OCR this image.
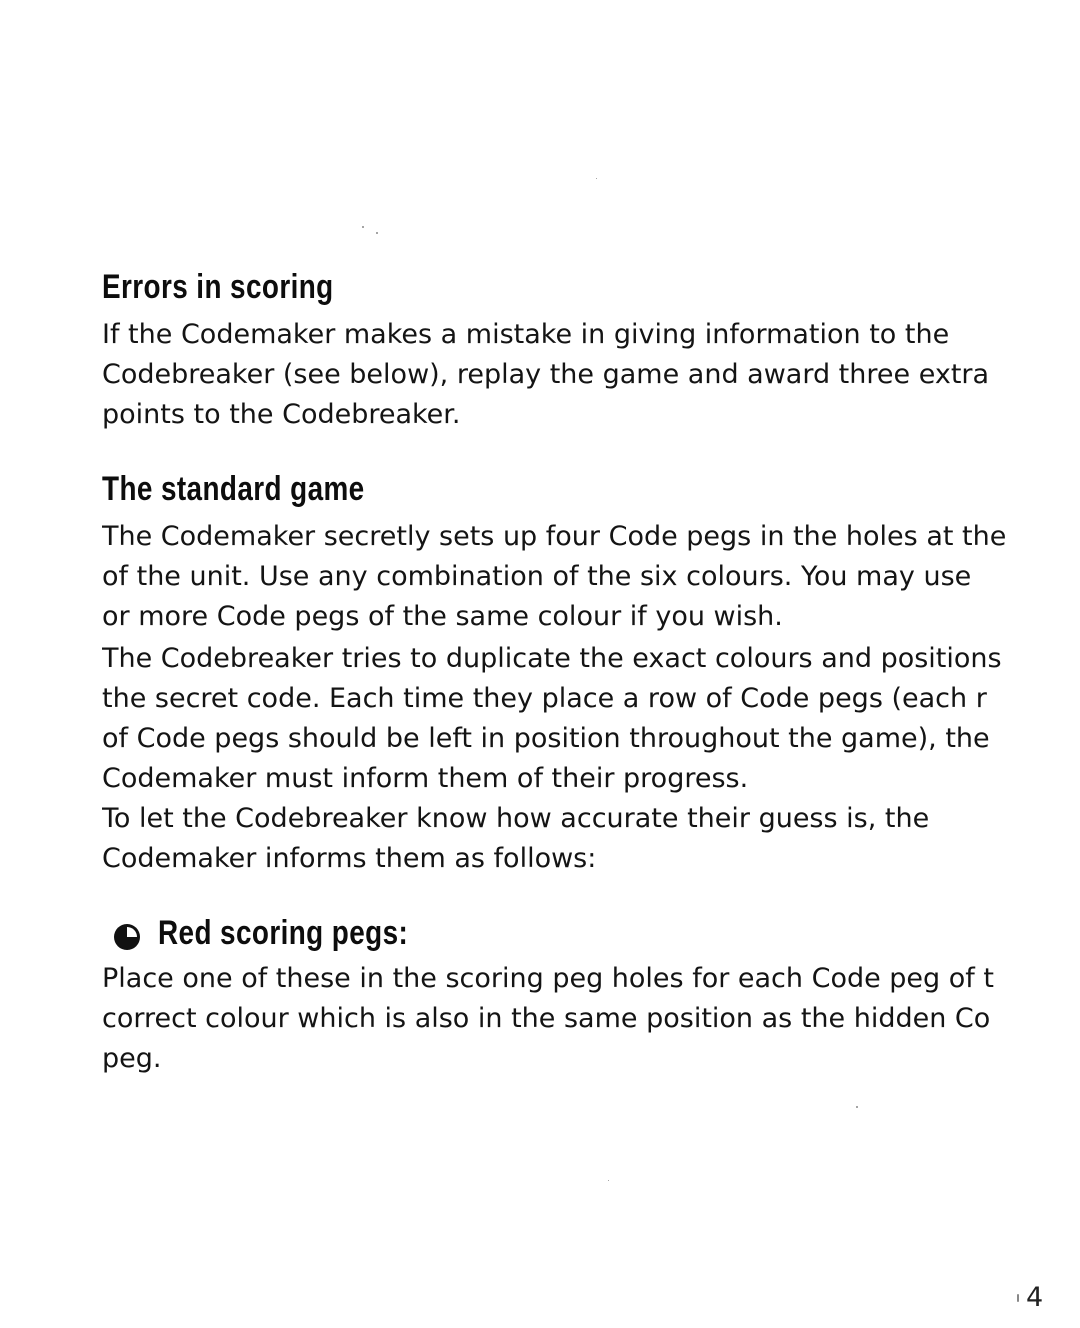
Errors in scoring

If the Codemaker makes a mistake in giving information to the

Codebreaker (see below), replay the game and award three extra

points to the Codebreaker.

The standard game

The Codemaker secretly sets up four Code pegs in the holes at the

of the unit. Use any combination of the six colours. You may use

or more Code pegs of the same colour if you wish.

The Codebreaker tries to duplicate the exact colours and positions

the secret code. Each time they place a row of Code pegs (each r

of Code pegs should be left in position throughout the game), the

Codemaker must inform them of their progress.

To let the Codebreaker know how accurate their guess is, the

Codemaker informs them as follows:

Red scoring pegs:

Place one of these in the scoring peg holes for each Code peg of t

correct colour which is also in the same position as the hidden Co

peg.

4
